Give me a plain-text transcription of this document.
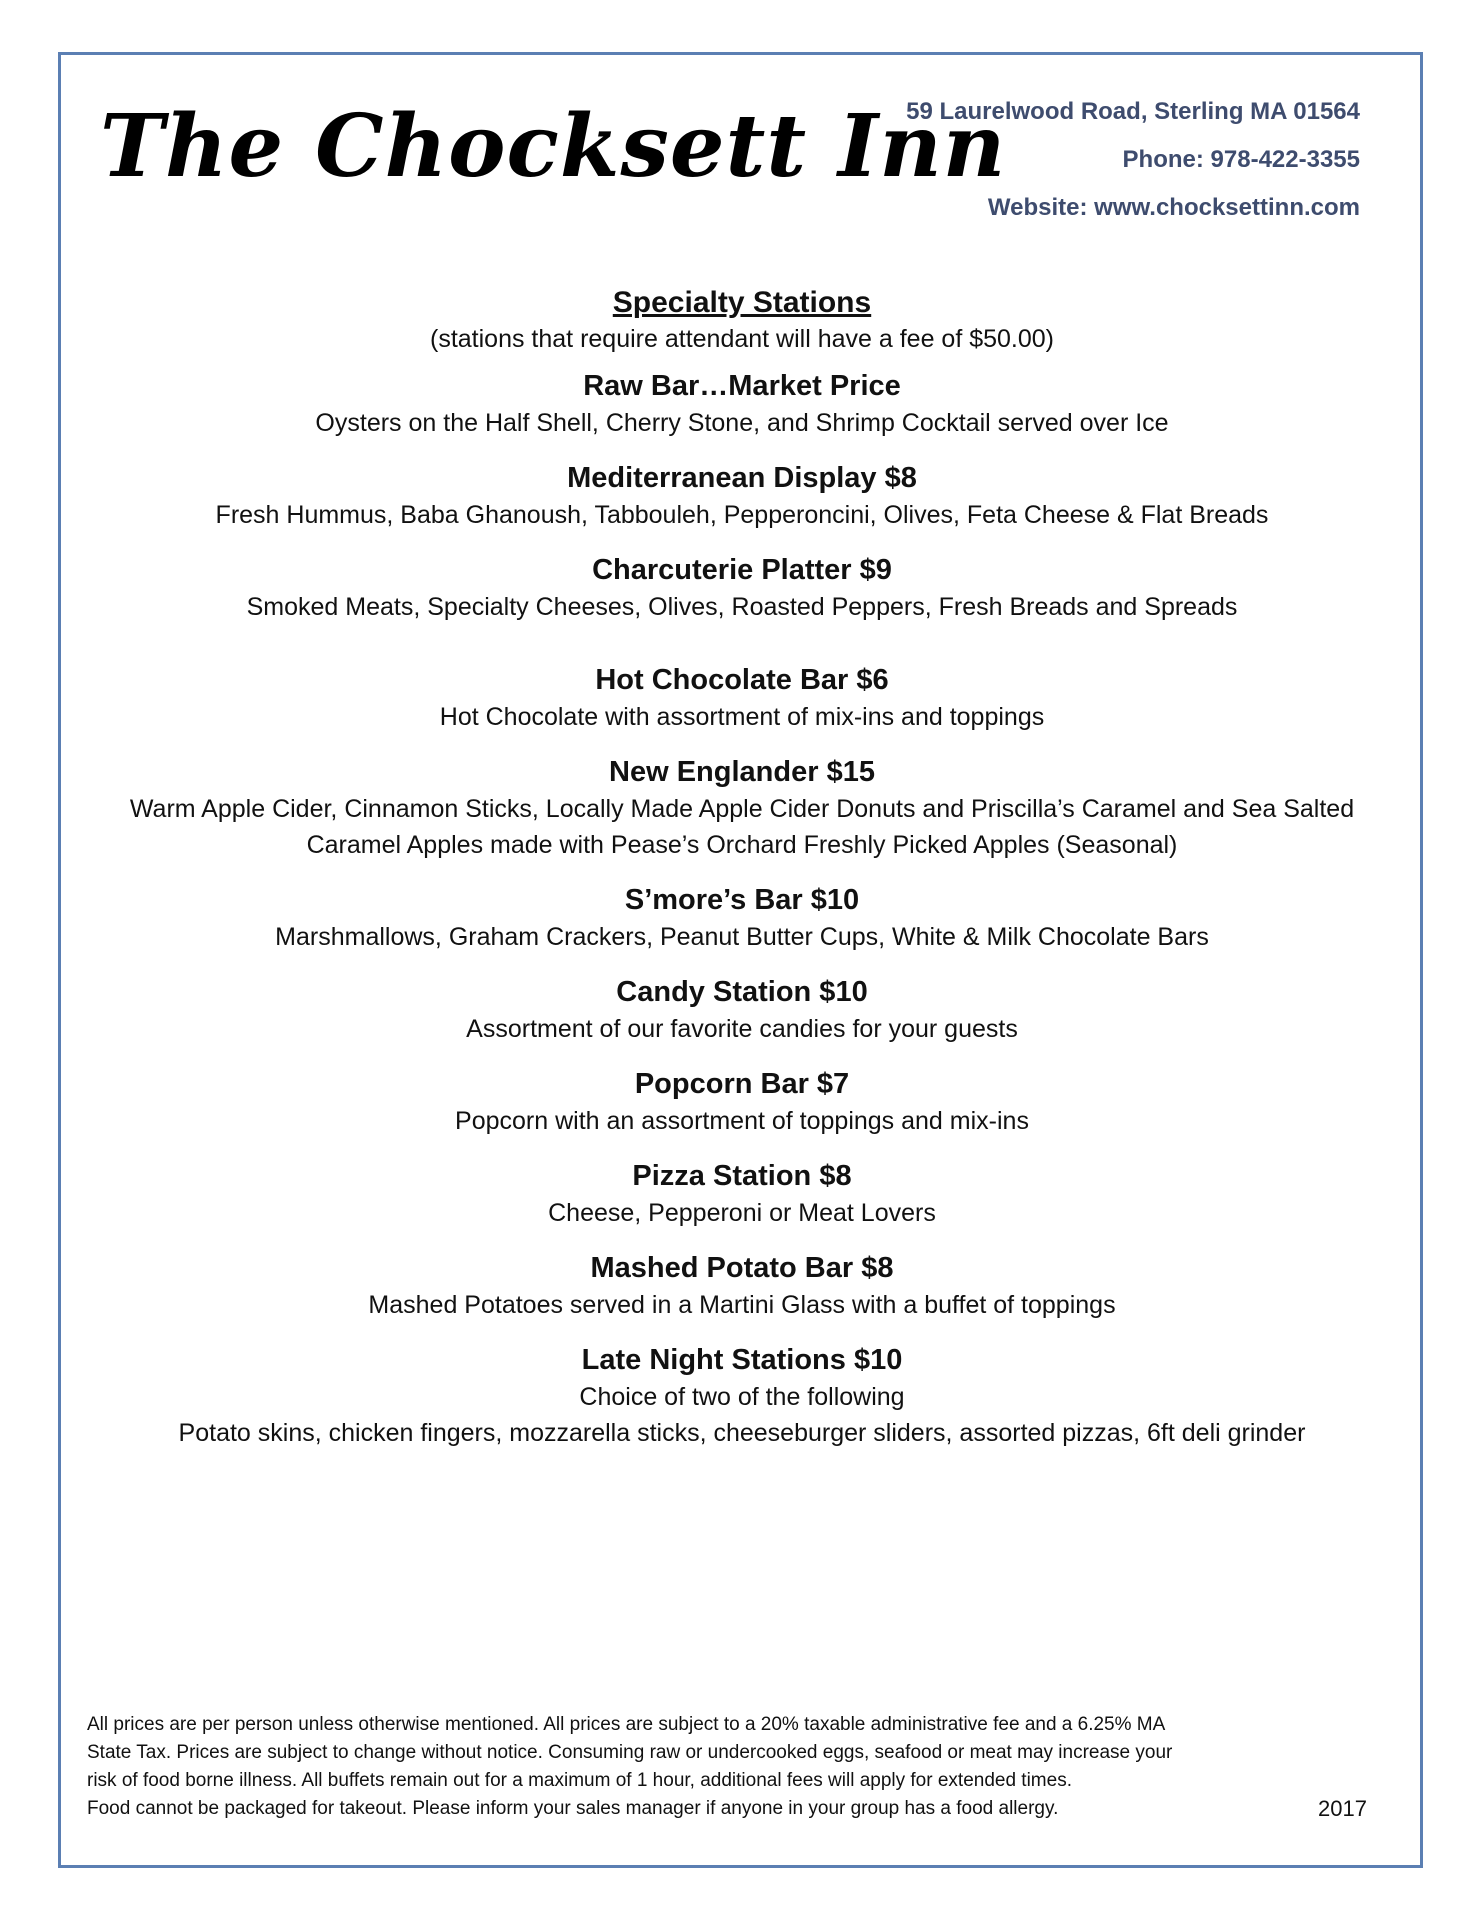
The Chocksett Inn
59 Laurelwood Road, Sterling MA 01564
Phone: 978-422-3355
Website: www.chocksettinn.com

Specialty Stations

(stations that require attendant will have a fee of $50.00)

Raw Bar…Market Price

Oysters on the Half Shell, Cherry Stone, and Shrimp Cocktail served over Ice

Mediterranean Display $8

Fresh Hummus, Baba Ghanoush, Tabbouleh, Pepperoncini, Olives, Feta Cheese & Flat Breads

Charcuterie Platter $9

Smoked Meats, Specialty Cheeses, Olives, Roasted Peppers, Fresh Breads and Spreads

Hot Chocolate Bar $6

Hot Chocolate with assortment of mix-ins and toppings

New Englander $15

Warm Apple Cider, Cinnamon Sticks, Locally Made Apple Cider Donuts and Priscilla’s Caramel and Sea Salted
Caramel Apples made with Pease’s Orchard Freshly Picked Apples (Seasonal)

S’more’s Bar $10

Marshmallows, Graham Crackers, Peanut Butter Cups, White & Milk Chocolate Bars

Candy Station $10

Assortment of our favorite candies for your guests

Popcorn Bar $7

Popcorn with an assortment of toppings and mix-ins

Pizza Station $8

Cheese, Pepperoni or Meat Lovers

Mashed Potato Bar $8

Mashed Potatoes served in a Martini Glass with a buffet of toppings

Late Night Stations $10

Choice of two of the following
Potato skins, chicken fingers, mozzarella sticks, cheeseburger sliders, assorted pizzas, 6ft deli grinder

All prices are per person unless otherwise mentioned. All prices are subject to a 20% taxable administrative fee and a 6.25% MA
State Tax. Prices are subject to change without notice. Consuming raw or undercooked eggs, seafood or meat may increase your
risk of food borne illness. All buffets remain out for a maximum of 1 hour, additional fees will apply for extended times.
Food cannot be packaged for takeout. Please inform your sales manager if anyone in your group has a food allergy.	2017
